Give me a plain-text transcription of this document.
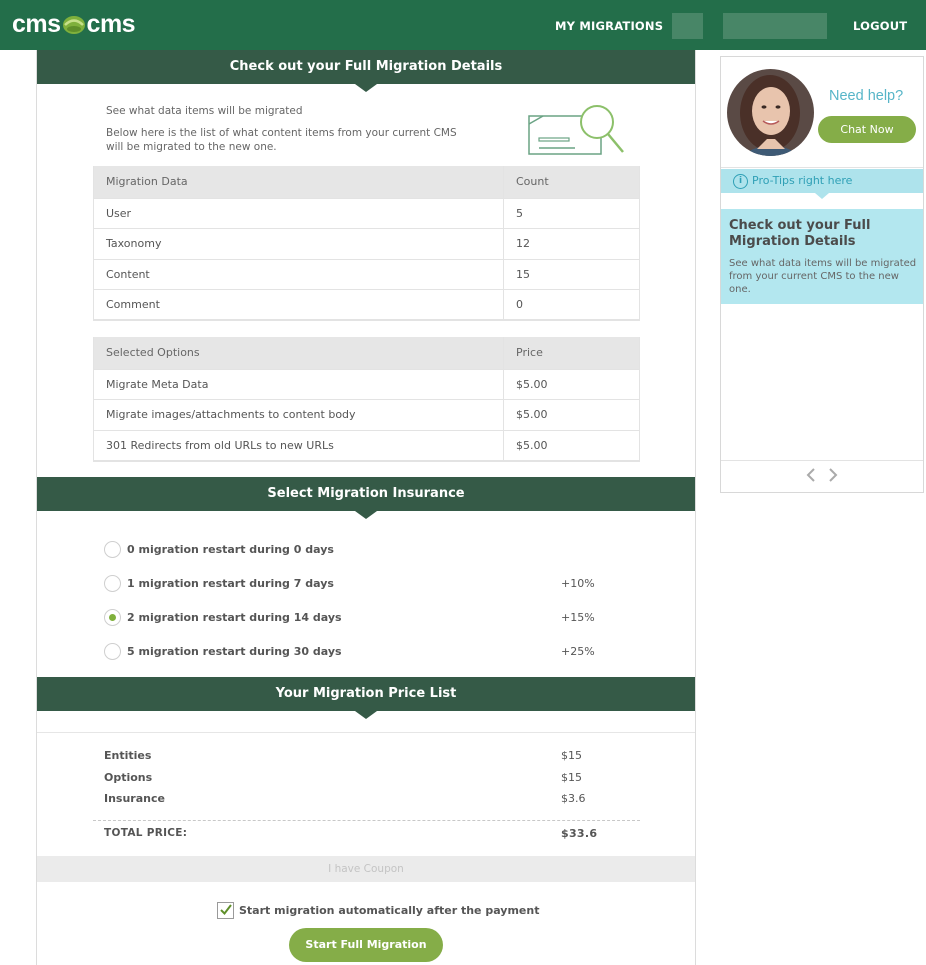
cms cms	MY MIGRATIONS	LOGOUT
Check out your Full Migration Details
See what data items will be migrated
Below here is the list of what content items from your current CMS will be migrated to the new one.
Migration Data	Count
User	5
Taxonomy	12
Content	15
Comment	0
Selected Options	Price
Migrate Meta Data	$5.00
Migrate images/attachments to content body	$5.00
301 Redirects from old URLs to new URLs	$5.00
Select Migration Insurance
0 migration restart during 0 days
1 migration restart during 7 days	+10%
2 migration restart during 14 days	+15%
5 migration restart during 30 days	+25%
Your Migration Price List
Entities	$15
Options	$15
Insurance	$3.6
TOTAL PRICE:	$33.6
I have Coupon
Start migration automatically after the payment
Start Full Migration
Need help?
Chat Now
i Pro-Tips right here
Check out your Full Migration Details
See what data items will be migrated from your current CMS to the new one.
